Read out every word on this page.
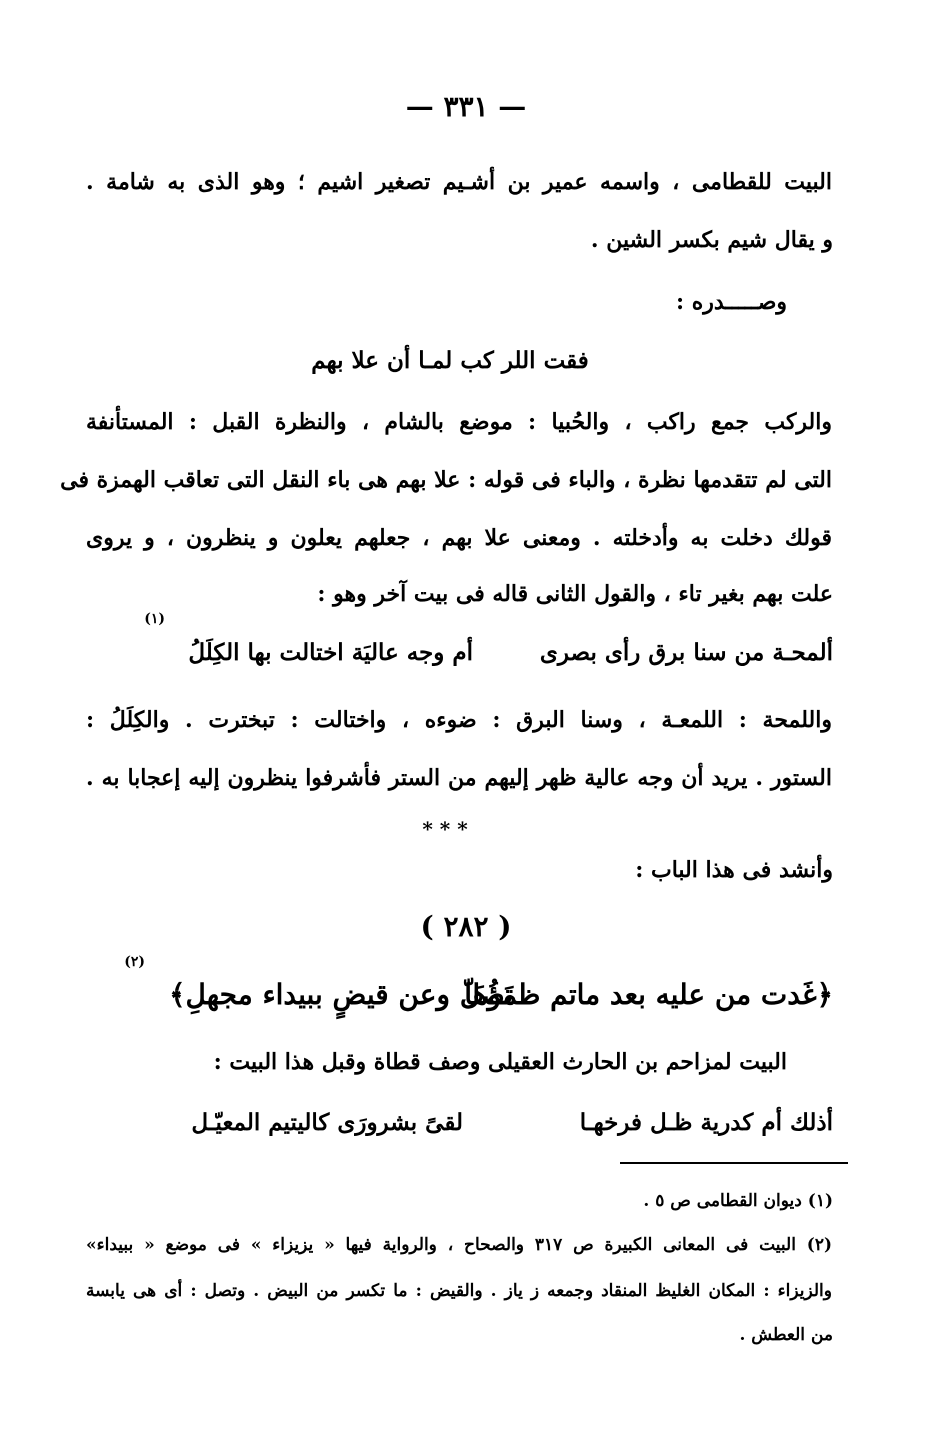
— ٣٣١ —
البيت للقطامى ، واسمه عمير بن أشـيم تصغير اشيم ؛ وهو الذى به شامة .
و يقال شيم بكسر الشين .
وصـــــدره :
فقت اللر كب لمـا أن علا بهم
والركب جمع راكب ، والحُبيا : موضع بالشام ، والنظرة القبل : المستأنفة
التى لم تتقدمها نظرة ، والباء فى قوله : علا بهم هى باء النقل التى تعاقب الهمزة فى
قولك دخلت به وأدخلته . ومعنى علا بهم ، جعلهم يعلون و ينظرون ، و يروى
علت بهم بغير تاء ، والقول الثانى قاله فى بيت آخر وهو :
(١)
ألمحـة من سنا برق رأى بصرى
أم وجه عاليَة اختالت بها الكِلَلُ
واللمحة : اللمعـة ، وسنا البرق : ضوءه ، واختالت : تبخترت . والكِلَلُ :
الستور . يريد أن وجه عالية ظهر إليهم من الستر فأشرفوا ينظرون إليه إعجابا به .
* * *
وأنشد فى هذا الباب :
( ٢٨٢ )
(٢)
﴿غَدت من عليه بعد ماتم ظمؤُهَا
تَصلّ وعن قيضٍ ببيداء مجهلِ﴾
البيت لمزاحم بن الحارث العقيلى وصف قطاة وقبل هذا البيت :
أذلك أم كدرية ظـل فرخهـا
لقىً بشرورَى كاليتيم المعيّـل
(١) ديوان القطامى ص ٥ .
(٢) البيت فى المعانى الكبيرة ص ٣١٧ والصحاح ، والرواية فيها « يزيزاء » فى موضع « ببيداء»
والزيزاء : المكان الغليظ المنقاد وجمعه ز ياز . والقيض : ما تكسر من البيض . وتصل : أى هى يابسة
من العطش .
